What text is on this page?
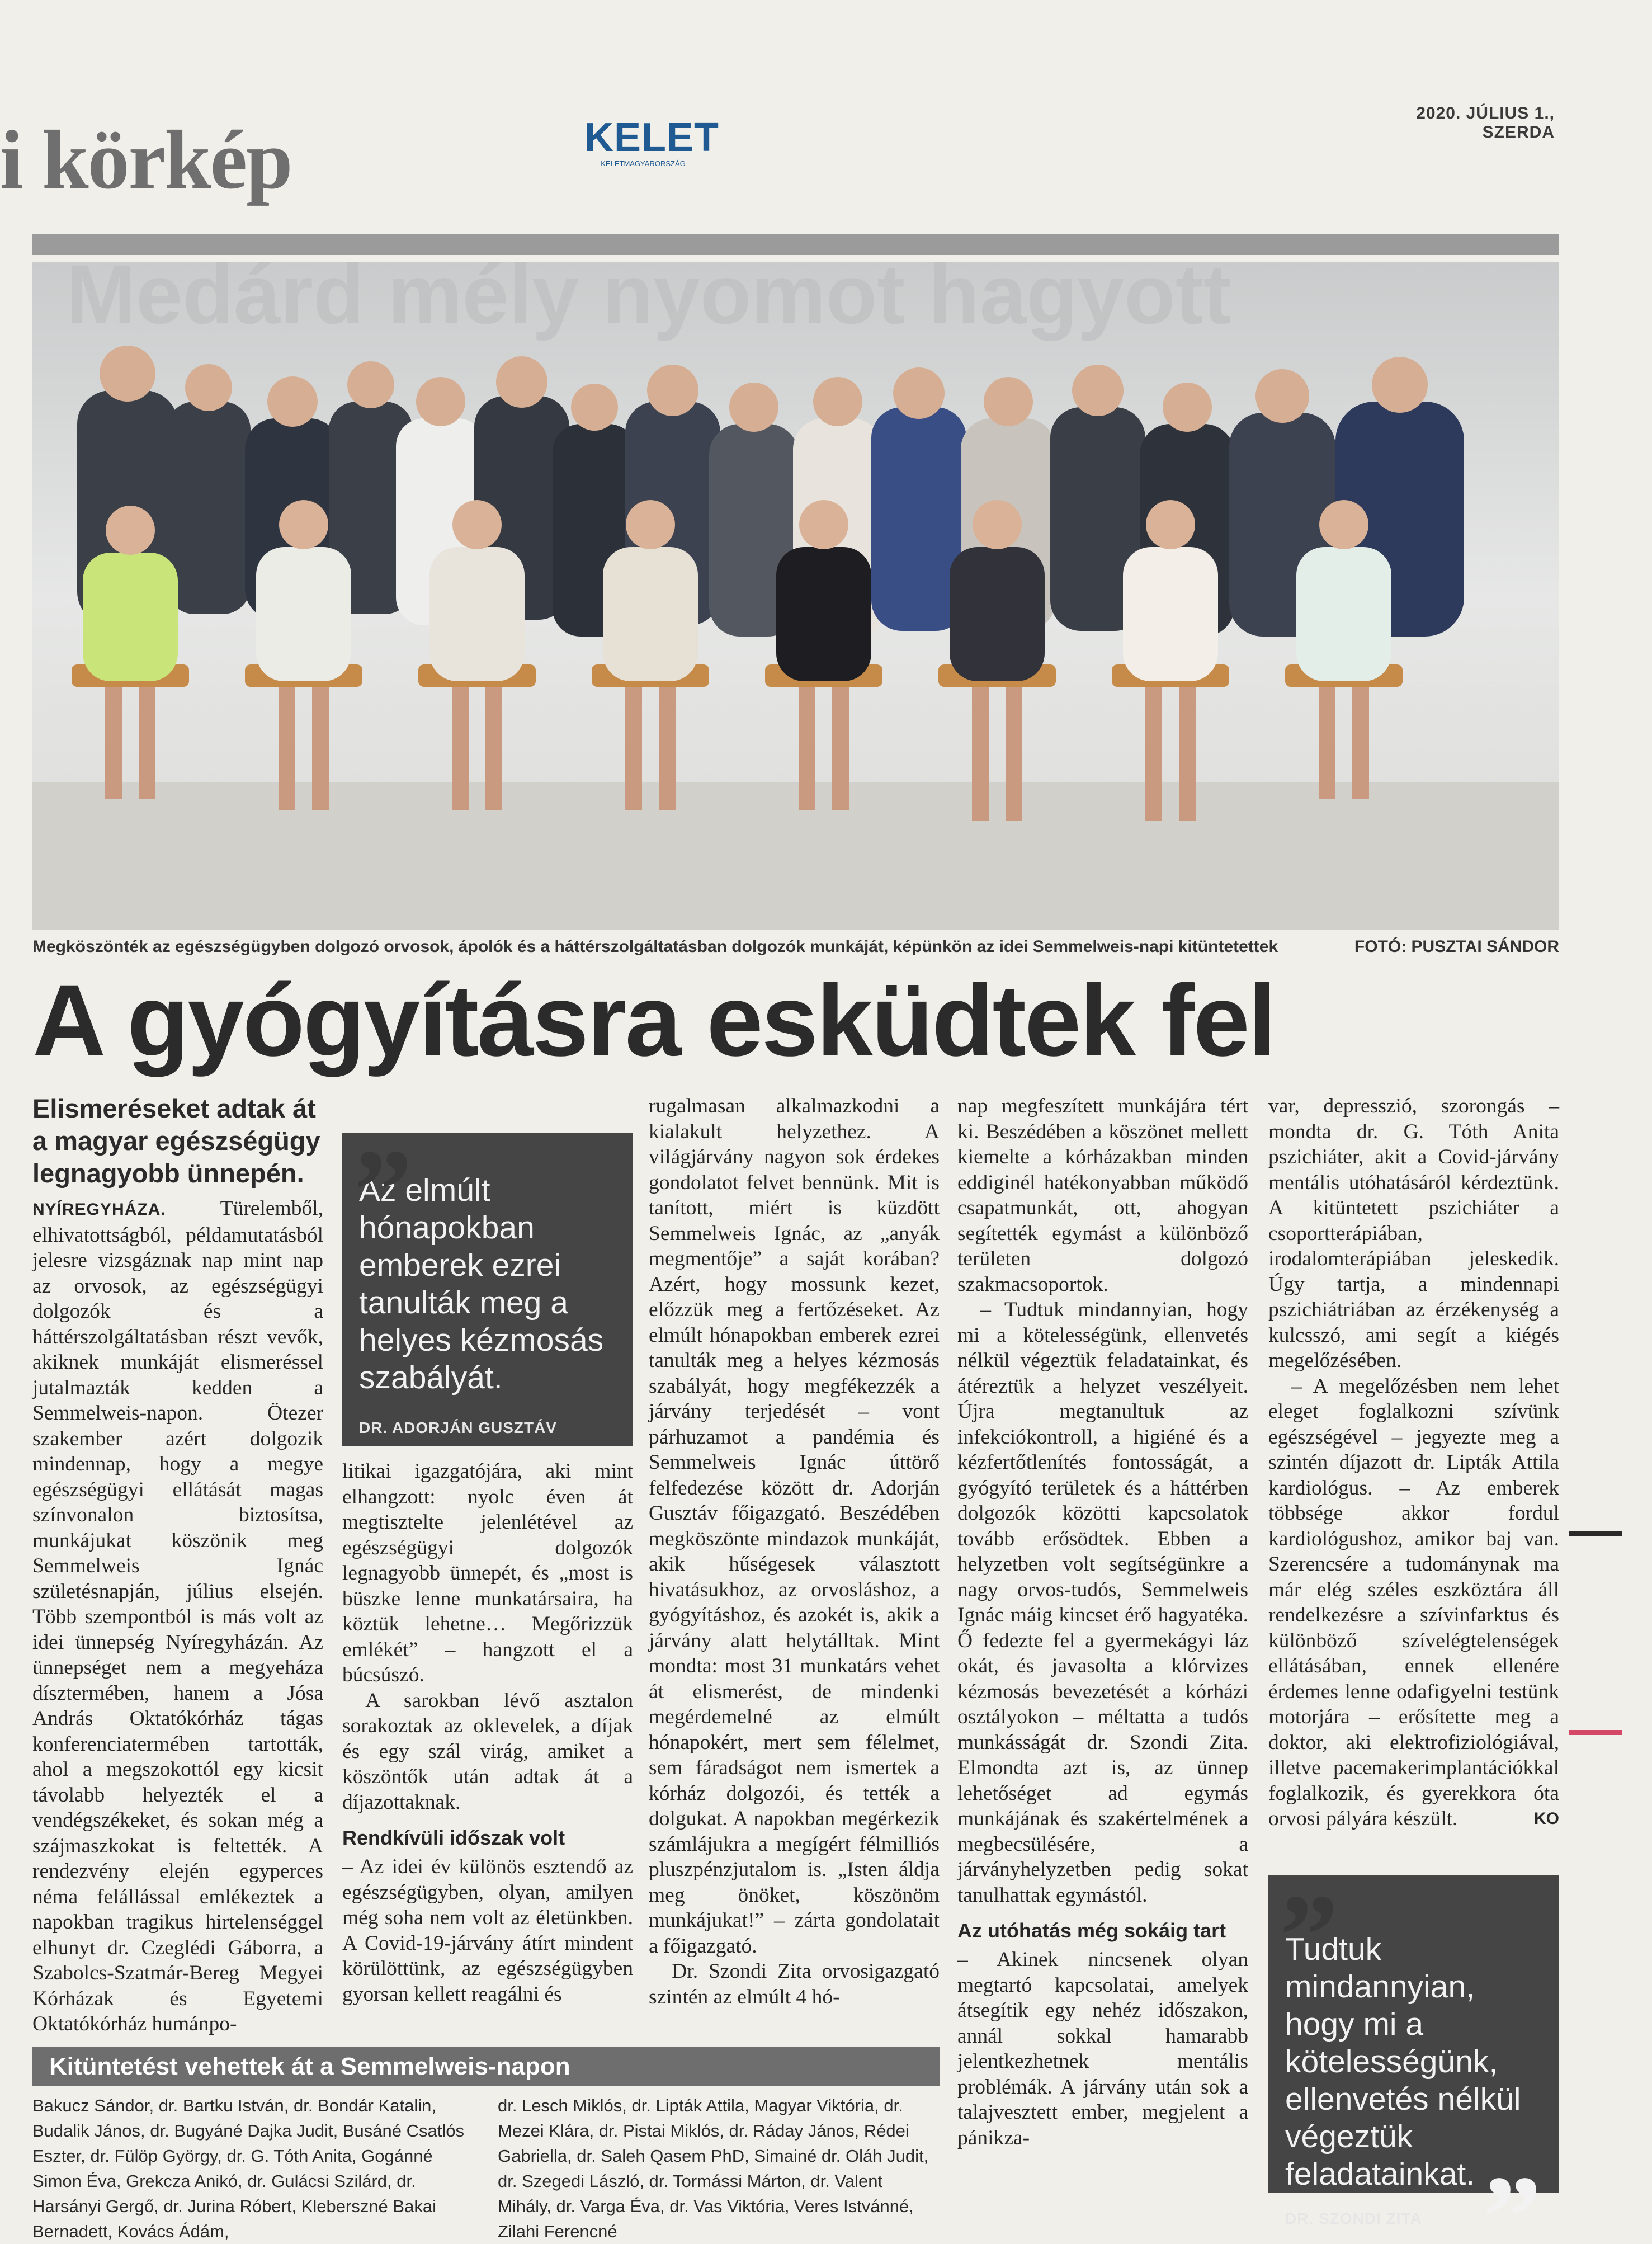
i körkép	KELET
KELETMAGYARORSZÁG
2020. JÚLIUS 1., SZERDA
Medárd mély nyomot hagyott
Megköszönték az egészségügyben dolgozó orvosok, ápolók és a háttérszolgáltatásban dolgozók munkáját, képünkön az idei Semmelweis-napi kitüntetettek	FOTÓ: PUSZTAI SÁNDOR
A gyógyításra esküdtek fel
Elismeréseket adtak át a magyar egészségügy legnagyobb ünnepén.

NYÍREGYHÁZA. Türelemből, elhivatottságból, példamutatásból jelesre vizsgáznak nap mint nap az orvosok, az egészségügyi dolgozók és a háttérszolgáltatásban részt vevők, akiknek munkáját elismeréssel jutalmazták kedden a Semmelweis-napon. Ötezer szakember azért dolgozik mindennap, hogy a megye egészségügyi ellátását magas színvonalon biztosítsa, munkájukat köszönik meg Semmelweis Ignác születésnapján, július elsején. Több szempontból is más volt az idei ünnepség Nyíregyházán. Az ünnepséget nem a megyeháza dísztermében, hanem a Jósa András Oktatókórház tágas konferenciatermében tartották, ahol a megszokottól egy kicsit távolabb helyezték el a vendégszékeket, és sokan még a szájmaszkokat is feltették. A rendezvény elején egyperces néma felállással emlékeztek a napokban tragikus hirtelenséggel elhunyt dr. Czeglédi Gáborra, a Szabolcs-Szatmár-Bereg Megyei Kórházak és Egyetemi Oktatókórház humánpo-

„
Az elmúlt hónapokban emberek ezrei tanulták meg a helyes kézmosás szabályát.
DR. ADORJÁN GUSZTÁV

litikai igazgatójára, aki mint elhangzott: nyolc éven át megtisztelte jelenlétével az egészségügyi dolgozók legnagyobb ünnepét, és „most is büszke lenne munkatársaira, ha köztük lehetne… Megőrizzük emlékét” – hangzott el a búcsúszó.

A sarokban lévő asztalon sorakoztak az oklevelek, a díjak és egy szál virág, amiket a köszöntők után adtak át a díjazottaknak.

Rendkívüli időszak volt

– Az idei év különös esztendő az egészségügyben, olyan, amilyen még soha nem volt az életünkben. A Covid-19-járvány átírt mindent körülöttünk, az egészségügyben gyorsan kellett reagálni és

rugalmasan alkalmazkodni a kialakult helyzethez. A világjárvány nagyon sok érdekes gondolatot felvet bennünk. Mit is tanított, miért is küzdött Semmelweis Ignác, az „anyák megmentője” a saját korában? Azért, hogy mossunk kezet, előzzük meg a fertőzéseket. Az elmúlt hónapokban emberek ezrei tanulták meg a helyes kézmosás szabályát, hogy megfékezzék a járvány terjedését – vont párhuzamot a pandémia és Semmelweis Ignác úttörő felfedezése között dr. Adorján Gusztáv főigazgató. Beszédében megköszönte mindazok munkáját, akik hűségesek választott hivatásukhoz, az orvosláshoz, a gyógyításhoz, és azokét is, akik a járvány alatt helytálltak. Mint mondta: most 31 munkatárs vehet át elismerést, de mindenki megérdemelné az elmúlt hónapokért, mert sem félelmet, sem fáradságot nem ismertek a kórház dolgozói, és tették a dolgukat. A napokban megérkezik számlájukra a megígért félmilliós pluszpénzjutalom is. „Isten áldja meg önöket, köszönöm munkájukat!” – zárta gondolatait a főigazgató.

Dr. Szondi Zita orvosigazgató szintén az elmúlt 4 hó-

nap megfeszített munkájára tért ki. Beszédében a köszönet mellett kiemelte a kórházakban minden eddiginél hatékonyabban működő csapatmunkát, ott, ahogyan segítették egymást a különböző területen dolgozó szakmacsoportok.

– Tudtuk mindannyian, hogy mi a kötelességünk, ellenvetés nélkül végeztük feladatainkat, és átéreztük a helyzet veszélyeit. Újra megtanultuk az infekciókontroll, a higiéné és a kézfertőtlenítés fontosságát, a gyógyító területek és a háttérben dolgozók közötti kapcsolatok tovább erősödtek. Ebben a helyzetben volt segítségünkre a nagy orvos-tudós, Semmelweis Ignác máig kincset érő hagyatéka. Ő fedezte fel a gyermekágyi láz okát, és javasolta a klórvizes kézmosás bevezetését a kórházi osztályokon – méltatta a tudós munkásságát dr. Szondi Zita. Elmondta azt is, az ünnep lehetőséget ad egymás munkájának és szakértelmének a megbecsülésére, a járványhelyzetben pedig sokat tanulhattak egymástól.

Az utóhatás még sokáig tart

– Akinek nincsenek olyan megtartó kapcsolatai, amelyek átsegítik egy nehéz időszakon, annál sokkal hamarabb jelentkezhetnek mentális problémák. A járvány után sok a talajvesztett ember, megjelent a pánikza-

var, depresszió, szorongás – mondta dr. G. Tóth Anita pszichiáter, akit a Covid-járvány mentális utóhatásáról kérdeztünk. A kitüntetett pszichiáter a csoportterápiában, irodalomterápiában jeleskedik. Úgy tartja, a mindennapi pszichiátriában az érzékenység a kulcsszó, ami segít a kiégés megelőzésében.

– A megelőzésben nem lehet eleget foglalkozni szívünk egészségével – jegyezte meg a szintén díjazott dr. Lipták Attila kardiológus. – Az emberek többsége akkor fordul kardiológushoz, amikor baj van. Szerencsére a tudománynak ma már elég széles eszköztára áll rendelkezésre a szívinfarktus és különböző szívelégtelenségek ellátásában, ennek ellenére érdemes lenne odafigyelni testünk motorjára – erősítette meg a doktor, aki elektrofiziológiával, illetve pacemakerimplantációkkal foglalkozik, és gyerekkora óta orvosi pályára készült.	KO

„
Tudtuk mindannyian, hogy mi a kötelességünk, ellenvetés nélkül végeztük feladatainkat.
DR. SZONDI ZITA „
Kitüntetést vehettek át a Semmelweis-napon
Bakucz Sándor, dr. Bartku István, dr. Bondár Katalin, Budalik János, dr. Bugyáné Dajka Judit, Busáné Csatlós Eszter, dr. Fülöp György, dr. G. Tóth Anita, Gogánné Simon Éva, Grekcza Anikó, dr. Gulácsi Szilárd, dr. Harsányi Gergő, dr. Jurina Róbert, Kleberszné Bakai Bernadett, Kovács Ádám,
dr. Lesch Miklós, dr. Lipták Attila, Magyar Viktória, dr. Mezei Klára, dr. Pistai Miklós, dr. Ráday János, Rédei Gabriella, dr. Saleh Qasem PhD, Simainé dr. Oláh Judit, dr. Szegedi László, dr. Tormássi Márton, dr. Valent Mihály, dr. Varga Éva, dr. Vas Viktória, Veres Istvánné, Zilahi Ferencné
